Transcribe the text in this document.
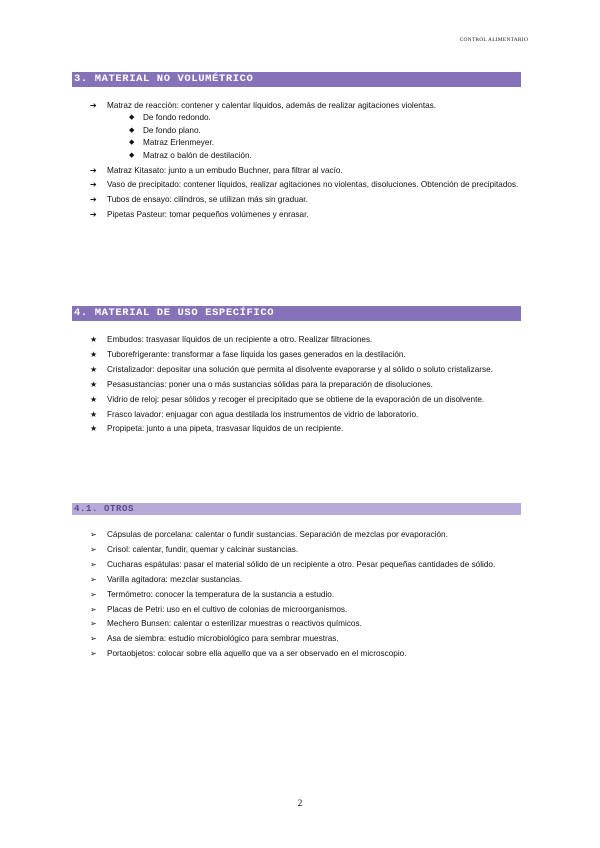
CONTROL ALIMENTARIO
3. MATERIAL NO VOLUMÉTRICO
➔ Matraz de reacción: contener y calentar líquidos, además de realizar agitaciones violentas.
◆ De fondo redondo.
◆ De fondo plano.
◆ Matraz Erlenmeyer.
◆ Matraz o balón de destilación.
➔ Matraz Kitasato: junto a un embudo Buchner, para filtrar al vacío.
➔ Vaso de precipitado: contener líquidos, realizar agitaciones no violentas, disoluciones. Obtención de precipitados.
➔ Tubos de ensayo: cilindros, se utilizan más sin graduar.
➔ Pipetas Pasteur: tomar pequeños volúmenes y enrasar.
4. MATERIAL DE USO ESPECÍFICO
★ Embudos: trasvasar líquidos de un recipiente a otro. Realizar filtraciones.
★ Tuborefrigerante: transformar a fase líquida los gases generados en la destilación.
★ Cristalizador: depositar una solución que permita al disolvente evaporarse y al sólido o soluto cristalizarse.
★ Pesasustancias: poner una o más sustancias sólidas para la preparación de disoluciones.
★ Vidrio de reloj: pesar sólidos y recoger el precipitado que se obtiene de la evaporación de un disolvente.
★ Frasco lavador: enjuagar con agua destilada los instrumentos de vidrio de laboratorio.
★ Propipeta: junto a una pipeta, trasvasar líquidos de un recipiente.
4.1. OTROS
➢ Cápsulas de porcelana: calentar o fundir sustancias. Separación de mezclas por evaporación.
➢ Crisol: calentar, fundir, quemar y calcinar sustancias.
➢ Cucharas espátulas: pasar el material sólido de un recipiente a otro. Pesar pequeñas cantidades de sólido.
➢ Varilla agitadora: mezclar sustancias.
➢ Termómetro: conocer la temperatura de la sustancia a estudio.
➢ Placas de Petri: uso en el cultivo de colonias de microorganismos.
➢ Mechero Bunsen: calentar o esterilizar muestras o reactivos químicos.
➢ Asa de siembra: estudio microbiológico para sembrar muestras.
➢ Portaobjetos: colocar sobre ella aquello que va a ser observado en el microscopio.
2
